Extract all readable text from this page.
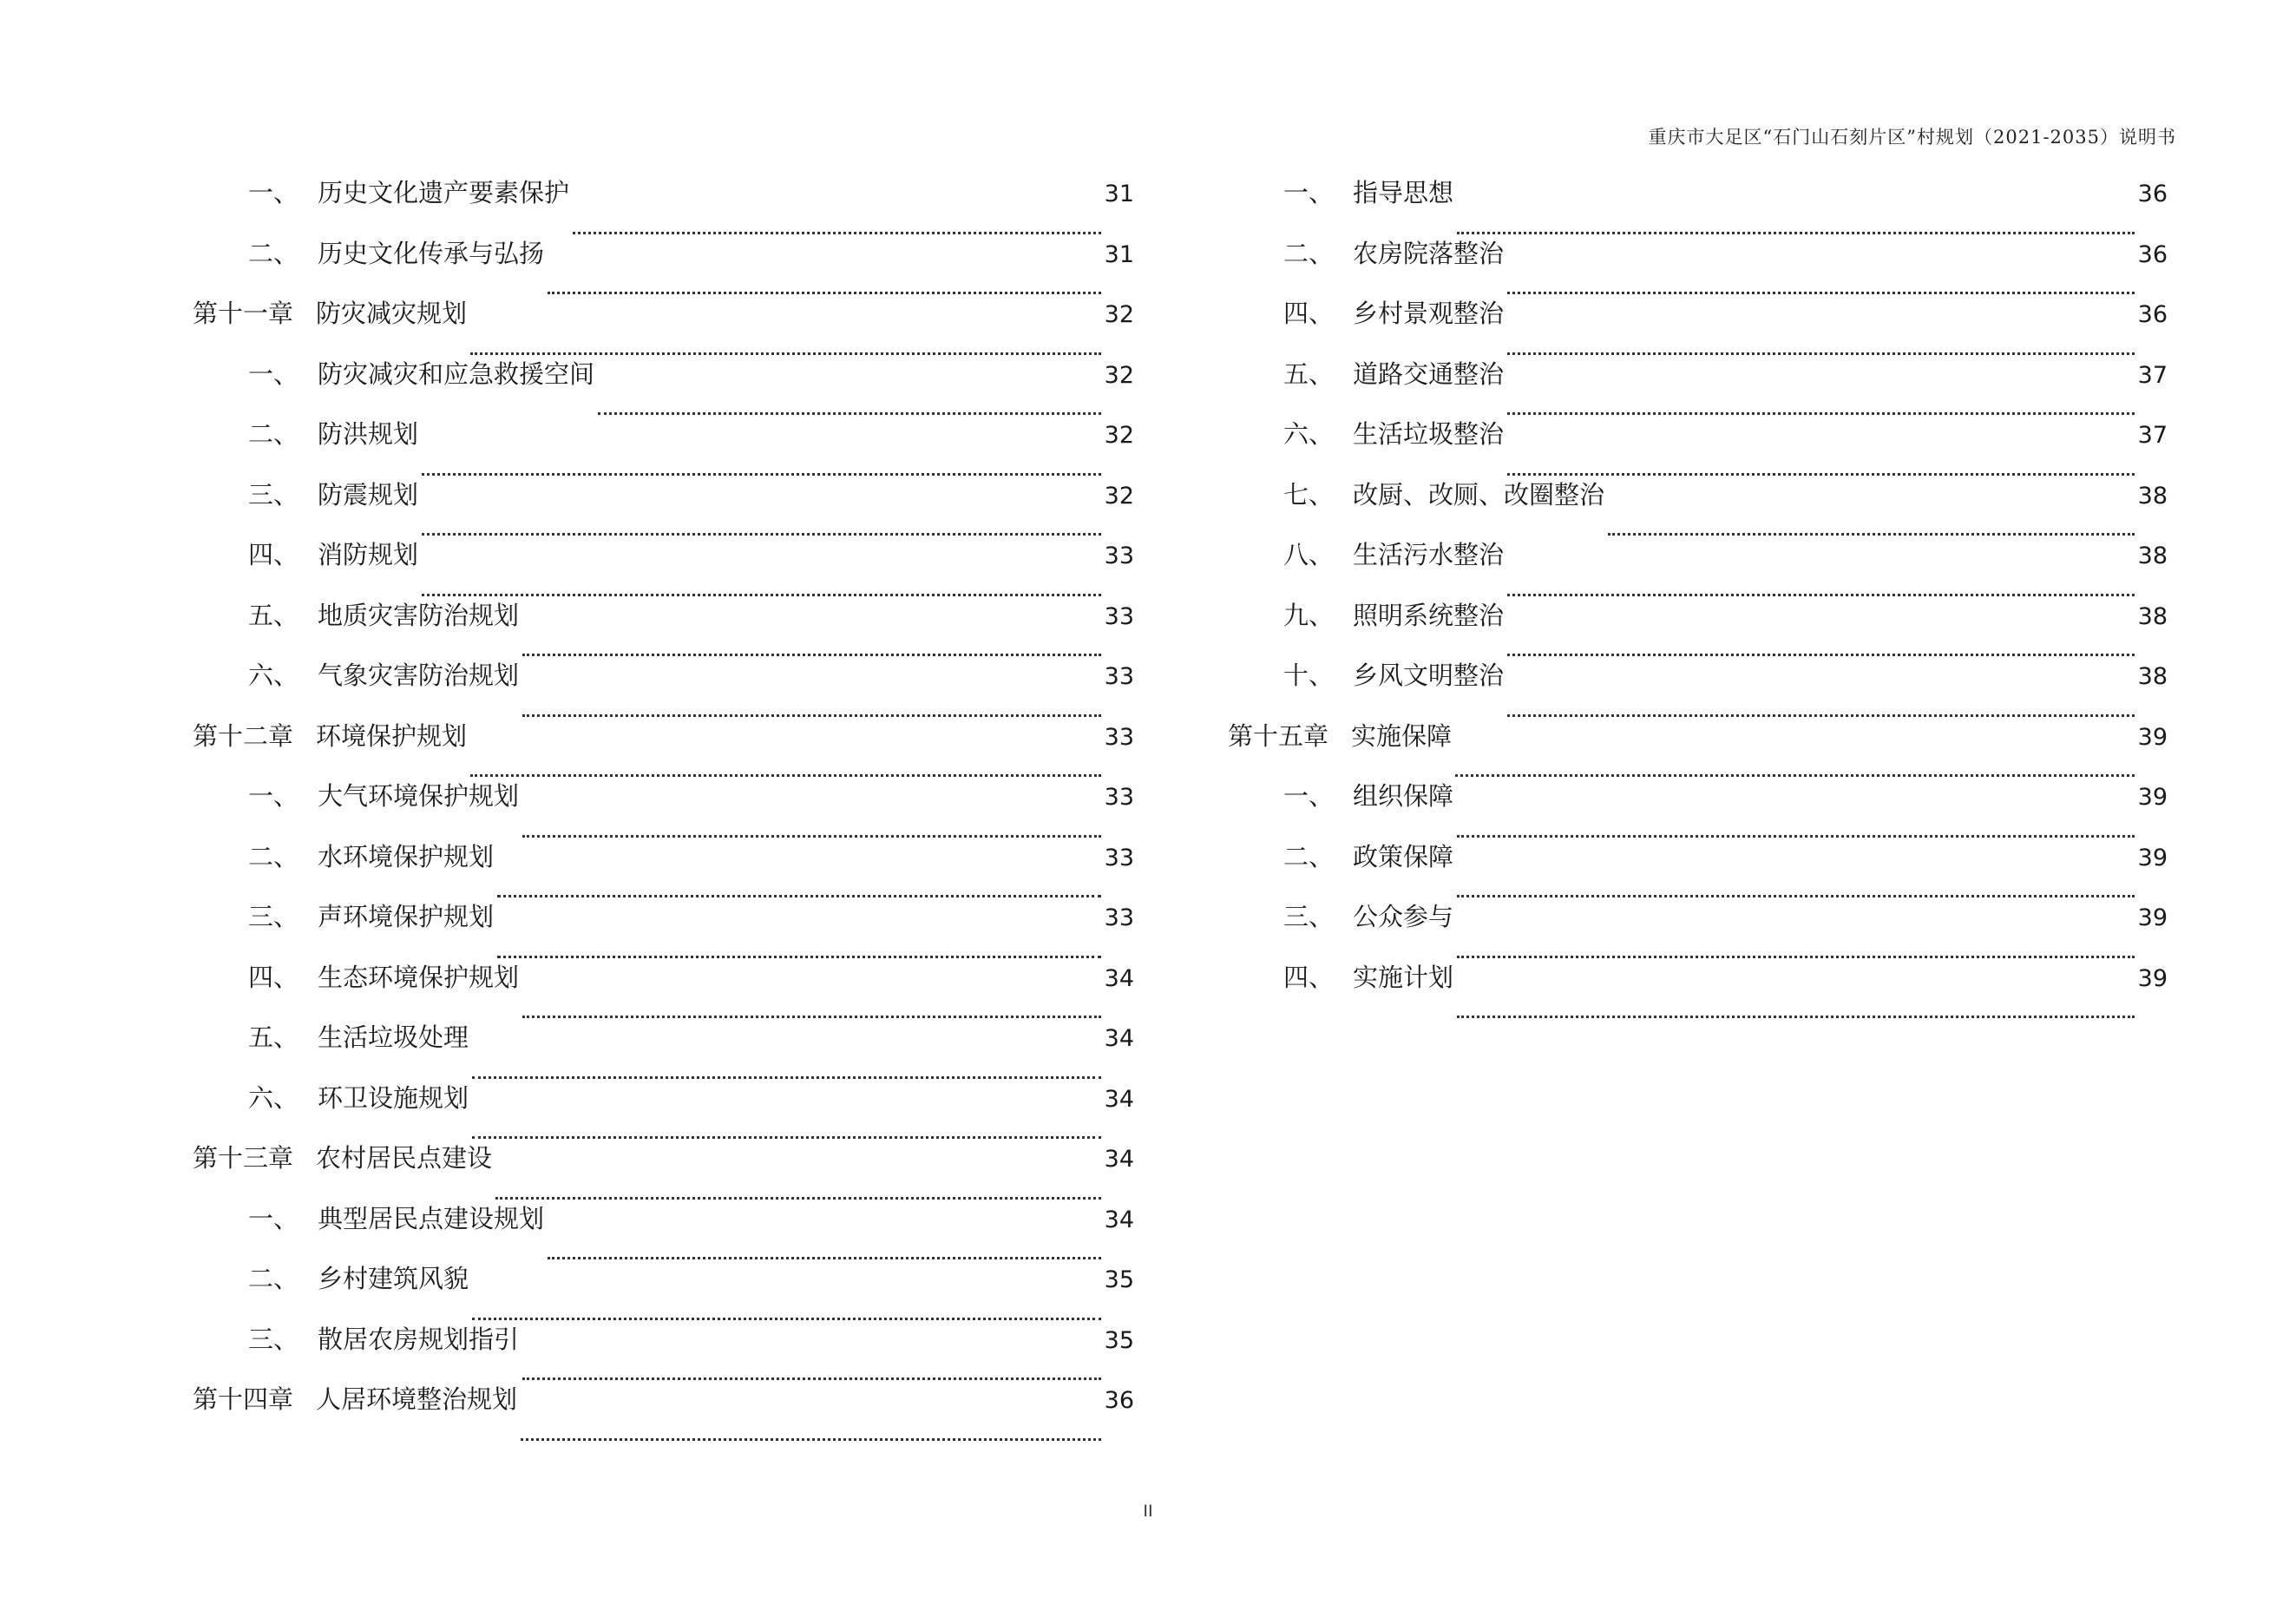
重庆市大足区“石门山石刻片区”村规划（2021-2035）说明书
一、 历史文化遗产要素保护	31
二、 历史文化传承与弘扬	31
第十一章 防灾减灾规划	32
一、 防灾减灾和应急救援空间	32
二、 防洪规划	32
三、 防震规划	32
四、 消防规划	33
五、 地质灾害防治规划	33
六、 气象灾害防治规划	33
第十二章 环境保护规划	33
一、 大气环境保护规划	33
二、 水环境保护规划	33
三、 声环境保护规划	33
四、 生态环境保护规划	34
五、 生活垃圾处理	34
六、 环卫设施规划	34
第十三章 农村居民点建设	34
一、 典型居民点建设规划	34
二、 乡村建筑风貌	35
三、 散居农房规划指引	35
第十四章 人居环境整治规划	36
一、 指导思想	36
二、 农房院落整治	36
四、 乡村景观整治	36
五、 道路交通整治	37
六、 生活垃圾整治	37
七、 改厨、改厕、改圈整治	38
八、 生活污水整治	38
九、 照明系统整治	38
十、 乡风文明整治	38
第十五章 实施保障	39
一、 组织保障	39
二、 政策保障	39
三、 公众参与	39
四、 实施计划	39
II
